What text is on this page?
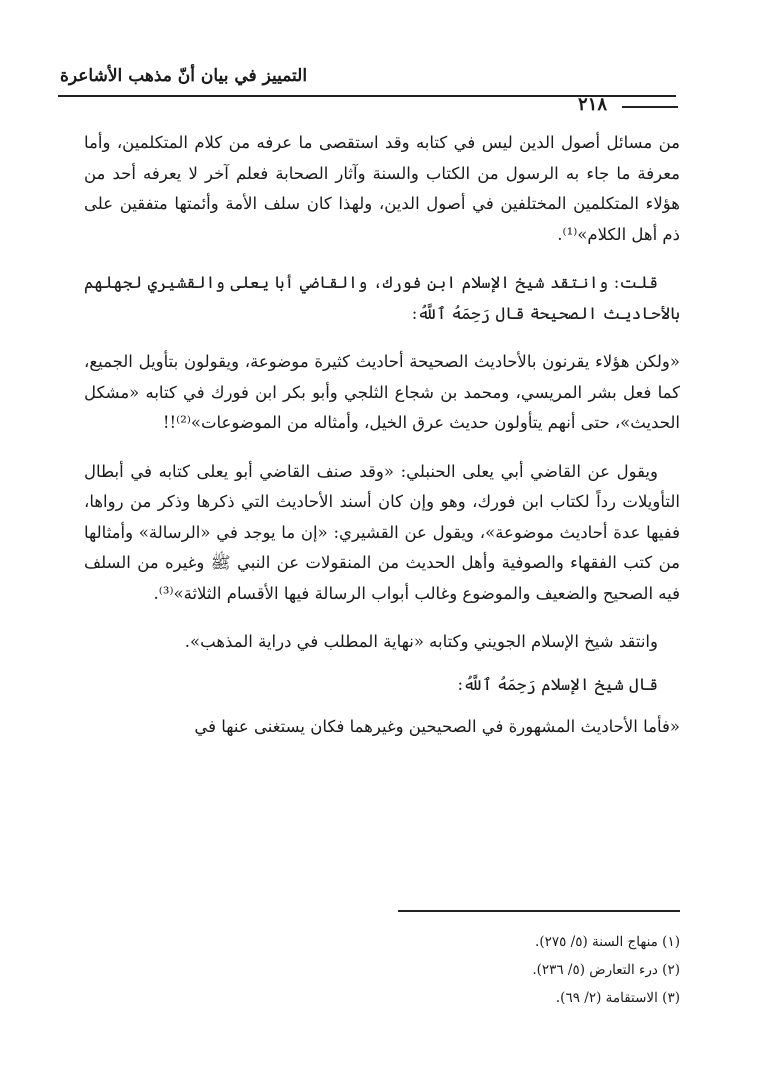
التمييز في بيان أنّ مذهب الأشاعرة
٢١٨

من مسائل أصول الدين ليس في كتابه وقد استقصى ما عرفه من كلام المتكلمين، وأما معرفة ما جاء به الرسول من الكتاب والسنة وآثار الصحابة فعلم آخر لا يعرفه أحد من هؤلاء المتكلمين المختلفين في أصول الدين، ولهذا كان سلف الأمة وأئمتها متفقين على ذم أهل الكلام»⁽¹⁾.

قلت: وانتقد شيخ الإسلام ابن فورك، والقاضي أبا يعلى والقشيري لجهلهم بالأحاديث الصحيحة قال رَحِمَهُ ٱللَّهُ:

«ولكن هؤلاء يقرنون بالأحاديث الصحيحة أحاديث كثيرة موضوعة، ويقولون بتأويل الجميع، كما فعل بشر المريسي، ومحمد بن شجاع الثلجي وأبو بكر ابن فورك في كتابه «مشكل الحديث»، حتى أنهم يتأولون حديث عرق الخيل، وأمثاله من الموضوعات»⁽²⁾!!

ويقول عن القاضي أبي يعلى الحنبلي: «وقد صنف القاضي أبو يعلى كتابه في أبطال التأويلات رداً لكتاب ابن فورك، وهو وإن كان أسند الأحاديث التي ذكرها وذكر من رواها، ففيها عدة أحاديث موضوعة»، ويقول عن القشيري: «إن ما يوجد في «الرسالة» وأمثالها من كتب الفقهاء والصوفية وأهل الحديث من المنقولات عن النبي ﷺ وغيره من السلف فيه الصحيح والضعيف والموضوع وغالب أبواب الرسالة فيها الأقسام الثلاثة»⁽³⁾.

وانتقد شيخ الإسلام الجويني وكتابه «نهاية المطلب في دراية المذهب».

قال شيخ الإسلام رَحِمَهُ ٱللَّهُ:

«فأما الأحاديث المشهورة في الصحيحين وغيرهما فكان يستغنى عنها في

(١) منهاج السنة (٥/ ٢٧٥).
(٢) درء التعارض (٥/ ٢٣٦).
(٣) الاستقامة (٢/ ٦٩).
